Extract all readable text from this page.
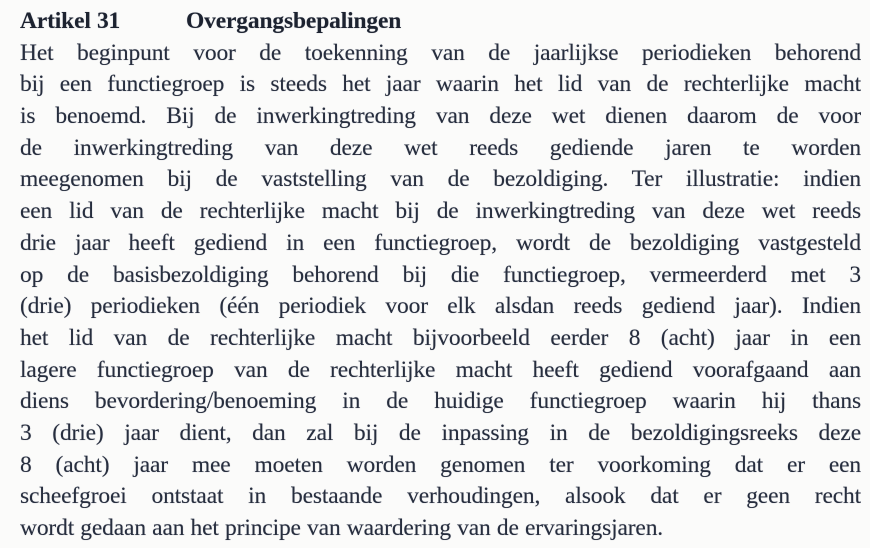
Artikel 31	Overgangsbepalingen
Het beginpunt voor de toekenning van de jaarlijkse periodieken behorend
bij een functiegroep is steeds het jaar waarin het lid van de rechterlijke macht
is benoemd. Bij de inwerkingtreding van deze wet dienen daarom de voor
de inwerkingtreding van deze wet reeds gediende jaren te worden
meegenomen bij de vaststelling van de bezoldiging. Ter illustratie: indien
een lid van de rechterlijke macht bij de inwerkingtreding van deze wet reeds
drie jaar heeft gediend in een functiegroep, wordt de bezoldiging vastgesteld
op de basisbezoldiging behorend bij die functiegroep, vermeerderd met 3
(drie) periodieken (één periodiek voor elk alsdan reeds gediend jaar). Indien
het lid van de rechterlijke macht bijvoorbeeld eerder 8 (acht) jaar in een
lagere functiegroep van de rechterlijke macht heeft gediend voorafgaand aan
diens bevordering/benoeming in de huidige functiegroep waarin hij thans
3 (drie) jaar dient, dan zal bij de inpassing in de bezoldigingsreeks deze
8 (acht) jaar mee moeten worden genomen ter voorkoming dat er een
scheefgroei ontstaat in bestaande verhoudingen, alsook dat er geen recht
wordt gedaan aan het principe van waardering van de ervaringsjaren.
